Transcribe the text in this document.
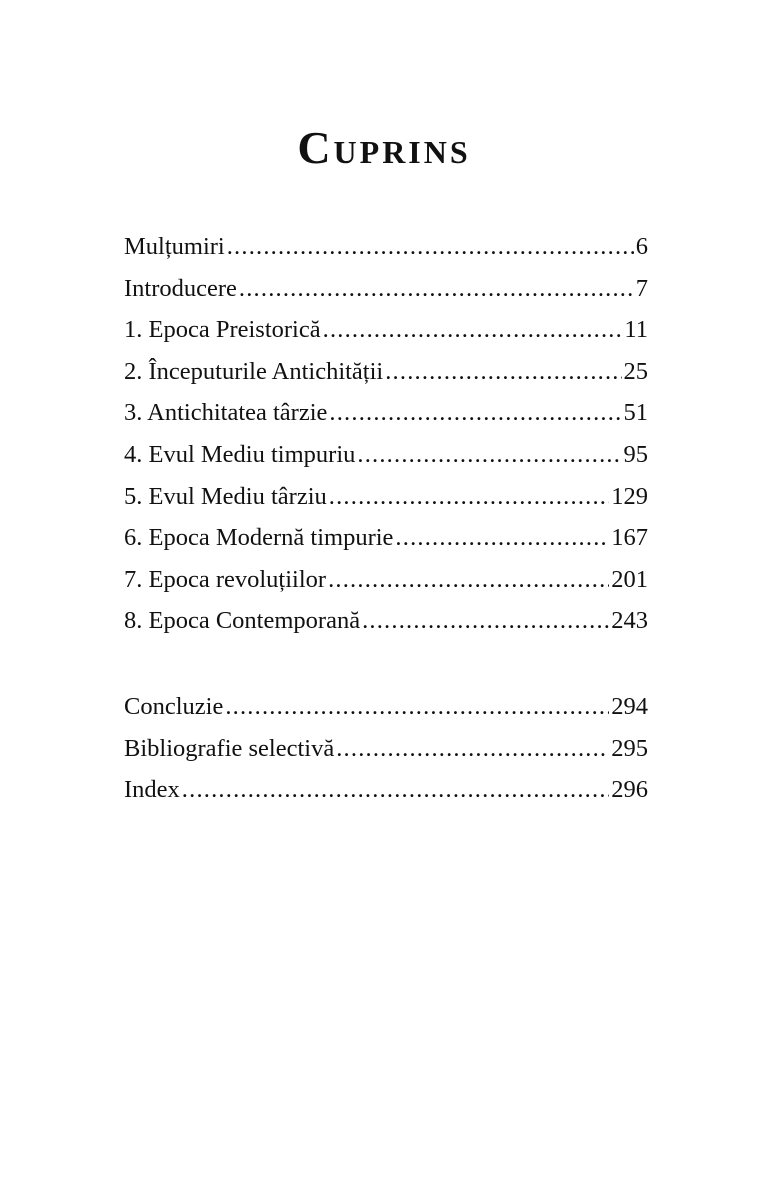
Cuprins
Mulțumiri .....	6
Introducere .....	7
1. Epoca Preistorică .....	11
2. Începuturile Antichității .....	25
3. Antichitatea târzie .....	51
4. Evul Mediu timpuriu .....	95
5. Evul Mediu târziu .....	129
6. Epoca Modernă timpurie .....	167
7. Epoca revoluțiilor .....	201
8. Epoca Contemporană .....	243
Concluzie .....	294
Bibliografie selectivă .....	295
Index .....	296
